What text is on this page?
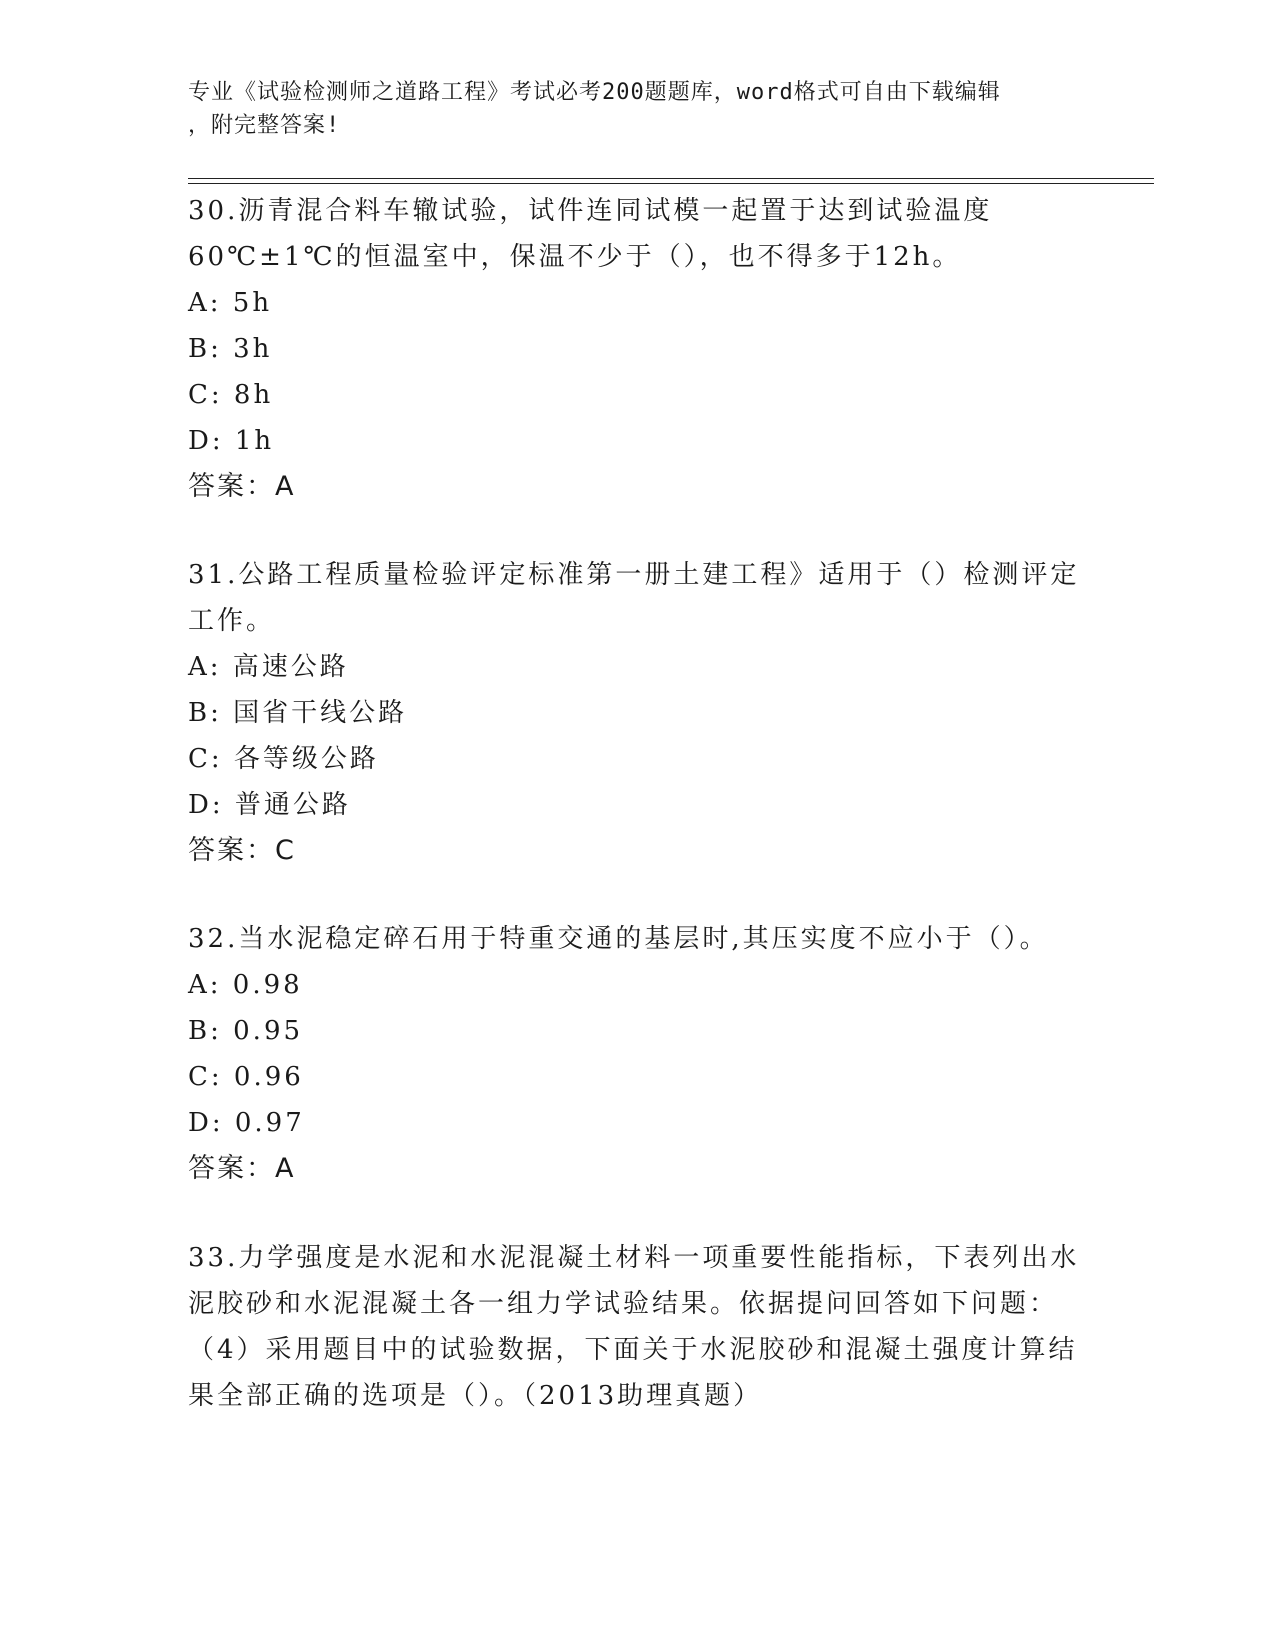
专业《试验检测师之道路工程》考试必考200题题库，word格式可自由下载编辑
，附完整答案!
30.沥青混合料车辙试验，试件连同试模一起置于达到试验温度
60℃±1℃的恒温室中，保温不少于（），也不得多于12h。
A: 5h
B: 3h
C: 8h
D: 1h
答案：A
31.公路工程质量检验评定标准第一册土建工程》适用于（）检测评定
工作。
A: 高速公路
B: 国省干线公路
C: 各等级公路
D: 普通公路
答案：C
32.当水泥稳定碎石用于特重交通的基层时,其压实度不应小于（）。
A: 0.98
B: 0.95
C: 0.96
D: 0.97
答案：A
33.力学强度是水泥和水泥混凝土材料一项重要性能指标，下表列出水
泥胶砂和水泥混凝土各一组力学试验结果。依据提问回答如下问题：
（4）采用题目中的试验数据，下面关于水泥胶砂和混凝土强度计算结
果全部正确的选项是（）。（2013助理真题）
